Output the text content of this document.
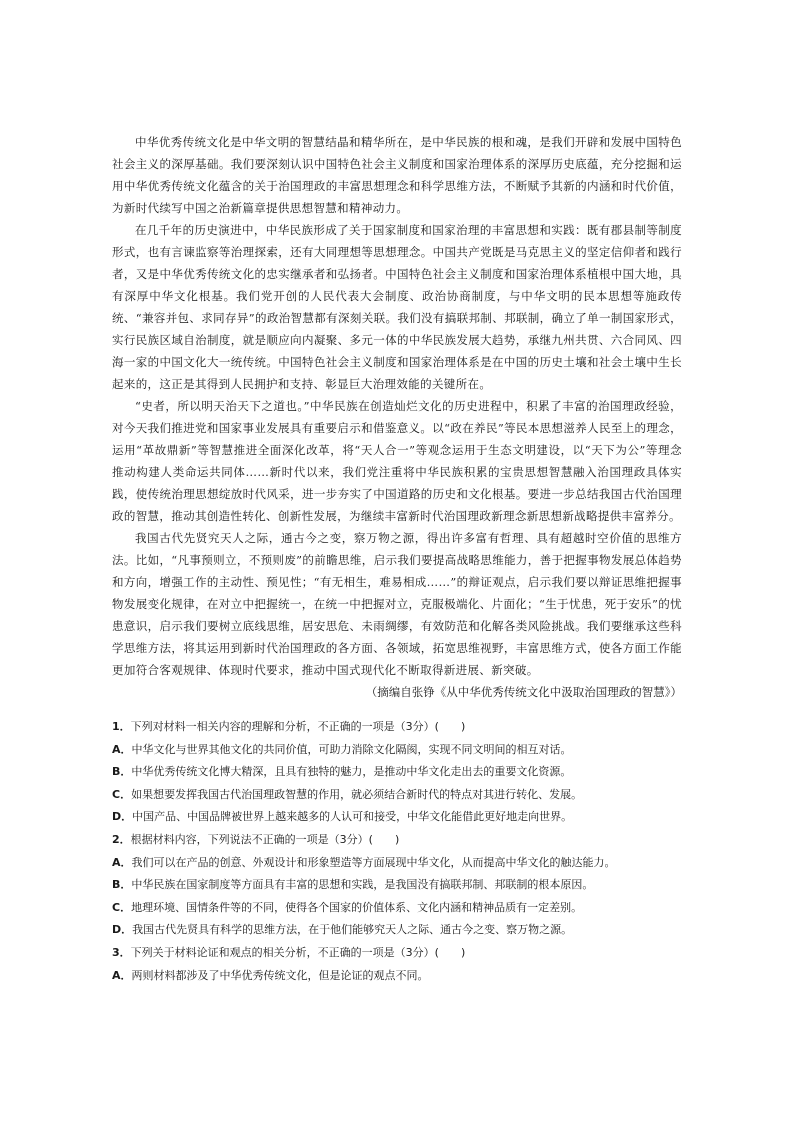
中华优秀传统文化是中华文明的智慧结晶和精华所在，是中华民族的根和魂，是我们开辟和发展中国特色社会主义的深厚基础。我们要深刻认识中国特色社会主义制度和国家治理体系的深厚历史底蕴，充分挖掘和运用中华优秀传统文化蕴含的关于治国理政的丰富思想理念和科学思维方法，不断赋予其新的内涵和时代价值，为新时代续写中国之治新篇章提供思想智慧和精神动力。

在几千年的历史演进中，中华民族形成了关于国家制度和国家治理的丰富思想和实践：既有郡县制等制度形式，也有言谏监察等治理探索，还有大同理想等思想理念。中国共产党既是马克思主义的坚定信仰者和践行者，又是中华优秀传统文化的忠实继承者和弘扬者。中国特色社会主义制度和国家治理体系植根中国大地，具有深厚中华文化根基。我们党开创的人民代表大会制度、政治协商制度，与中华文明的民本思想等施政传统、“兼容并包、求同存异”的政治智慧都有深刻关联。我们没有搞联邦制、邦联制，确立了单一制国家形式，实行民族区域自治制度，就是顺应向内凝聚、多元一体的中华民族发展大趋势，承继九州共贯、六合同风、四海一家的中国文化大一统传统。中国特色社会主义制度和国家治理体系是在中国的历史土壤和社会土壤中生长起来的，这正是其得到人民拥护和支持、彰显巨大治理效能的关键所在。

“史者，所以明天治天下之道也。”中华民族在创造灿烂文化的历史进程中，积累了丰富的治国理政经验，对今天我们推进党和国家事业发展具有重要启示和借鉴意义。以“政在养民”等民本思想滋养人民至上的理念，运用“革故鼎新”等智慧推进全面深化改革，将“天人合一”等观念运用于生态文明建设，以“天下为公”等理念推动构建人类命运共同体……新时代以来，我们党注重将中华民族积累的宝贵思想智慧融入治国理政具体实践，使传统治理思想绽放时代风采，进一步夯实了中国道路的历史和文化根基。要进一步总结我国古代治国理政的智慧，推动其创造性转化、创新性发展，为继续丰富新时代治国理政新理念新思想新战略提供丰富养分。

我国古代先贤究天人之际，通古今之变，察万物之源，得出许多富有哲理、具有超越时空价值的思维方法。比如，“凡事预则立，不预则废”的前瞻思维，启示我们要提高战略思维能力，善于把握事物发展总体趋势和方向，增强工作的主动性、预见性；“有无相生，难易相成……”的辩证观点，启示我们要以辩证思维把握事物发展变化规律，在对立中把握统一，在统一中把握对立，克服极端化、片面化；“生于忧患，死于安乐”的忧患意识，启示我们要树立底线思维，居安思危、未雨绸缪，有效防范和化解各类风险挑战。我们要继承这些科学思维方法，将其运用到新时代治国理政的各方面、各领域，拓宽思维视野，丰富思维方式，使各方面工作能更加符合客观规律、体现时代要求，推动中国式现代化不断取得新进展、新突破。

（摘编自张铮《从中华优秀传统文化中汲取治国理政的智慧》）

1．下列对材料一相关内容的理解和分析，不正确的一项是（3分）(　　)

A．中华文化与世界其他文化的共同价值，可助力消除文化隔阂，实现不同文明间的相互对话。

B．中华优秀传统文化博大精深，且具有独特的魅力，是推动中华文化走出去的重要文化资源。

C．如果想要发挥我国古代治国理政智慧的作用，就必须结合新时代的特点对其进行转化、发展。

D．中国产品、中国品牌被世界上越来越多的人认可和接受，中华文化能借此更好地走向世界。

2．根据材料内容，下列说法不正确的一项是（3分）(　　)

A．我们可以在产品的创意、外观设计和形象塑造等方面展现中华文化，从而提高中华文化的触达能力。

B．中华民族在国家制度等方面具有丰富的思想和实践，是我国没有搞联邦制、邦联制的根本原因。

C．地理环境、国情条件等的不同，使得各个国家的价值体系、文化内涵和精神品质有一定差别。

D．我国古代先贤具有科学的思维方法，在于他们能够究天人之际、通古今之变、察万物之源。

3．下列关于材料论证和观点的相关分析，不正确的一项是（3分）(　　)

A．两则材料都涉及了中华优秀传统文化，但是论证的观点不同。
